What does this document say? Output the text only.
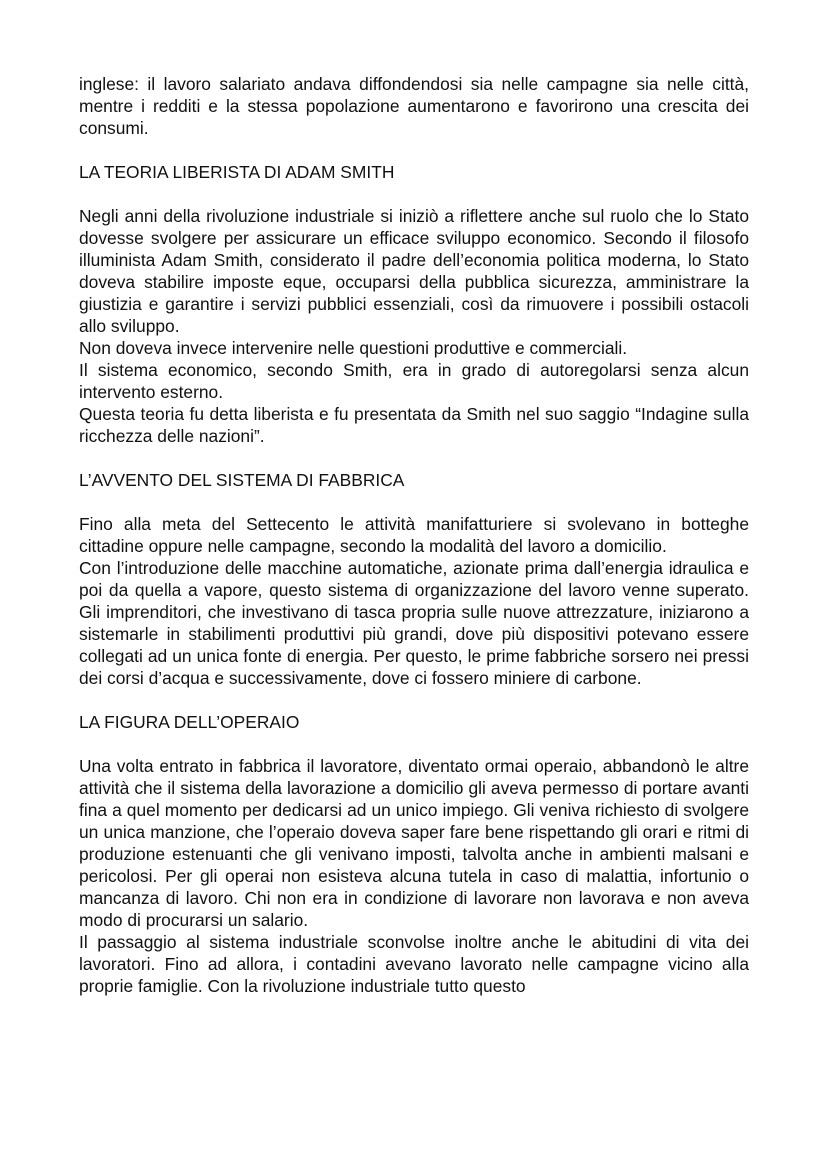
inglese: il lavoro salariato andava diffondendosi sia nelle campagne sia nelle città, mentre i redditi e la stessa popolazione aumentarono e favorirono una crescita dei consumi.

LA TEORIA LIBERISTA DI ADAM SMITH

Negli anni della rivoluzione industriale si iniziò a riflettere anche sul ruolo che lo Stato dovesse svolgere per assicurare un efficace sviluppo economico. Secondo il filosofo illuminista Adam Smith, considerato il padre dell’economia politica moderna, lo Stato doveva stabilire imposte eque, occuparsi della pubblica sicurezza, amministrare la giustizia e garantire i servizi pubblici essenziali, così da rimuovere i possibili ostacoli allo sviluppo.

Non doveva invece intervenire nelle questioni produttive e commerciali.

Il sistema economico, secondo Smith, era in grado di autoregolarsi senza alcun intervento esterno.

Questa teoria fu detta liberista e fu presentata da Smith nel suo saggio “Indagine sulla ricchezza delle nazioni”.

L’AVVENTO DEL SISTEMA DI FABBRICA

Fino alla meta del Settecento le attività manifatturiere si svolevano in botteghe cittadine oppure nelle campagne, secondo la modalità del lavoro a domicilio.

Con l’introduzione delle macchine automatiche, azionate prima dall’energia idraulica e poi da quella a vapore, questo sistema di organizzazione del lavoro venne superato. Gli imprenditori, che investivano di tasca propria sulle nuove attrezzature, iniziarono a sistemarle in stabilimenti produttivi più grandi, dove più dispositivi potevano essere collegati ad un unica fonte di energia. Per questo, le prime fabbriche sorsero nei pressi dei corsi d’acqua e successivamente, dove ci fossero miniere di carbone.

LA FIGURA DELL’OPERAIO

Una volta entrato in fabbrica il lavoratore, diventato ormai operaio, abbandonò le altre attività che il sistema della lavorazione a domicilio gli aveva permesso di portare avanti fina a quel momento per dedicarsi ad un unico impiego. Gli veniva richiesto di svolgere un unica manzione, che l’operaio doveva saper fare bene rispettando gli orari e ritmi di produzione estenuanti che gli venivano imposti, talvolta anche in ambienti malsani e pericolosi. Per gli operai non esisteva alcuna tutela in caso di malattia, infortunio o mancanza di lavoro. Chi non era in condizione di lavorare non lavorava e non aveva modo di procurarsi un salario.

Il passaggio al sistema industriale sconvolse inoltre anche le abitudini di vita dei lavoratori. Fino ad allora, i contadini avevano lavorato nelle campagne vicino alla proprie famiglie. Con la rivoluzione industriale tutto questo
